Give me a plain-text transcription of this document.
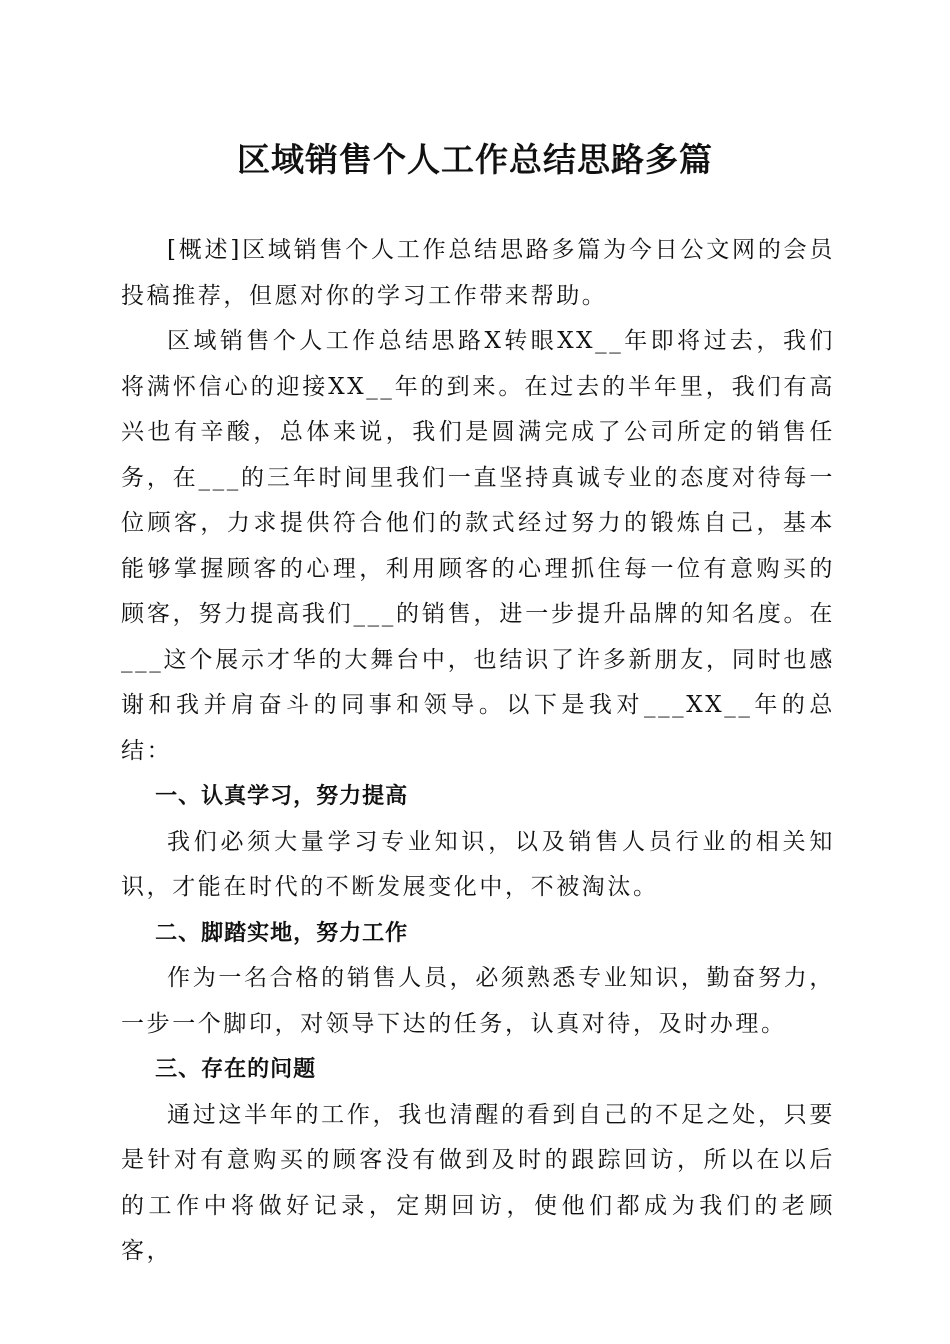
区域销售个人工作总结思路多篇

[概述]区域销售个人工作总结思路多篇为今日公文网的会员投稿推荐，但愿对你的学习工作带来帮助。

区域销售个人工作总结思路X转眼XX__年即将过去，我们将满怀信心的迎接XX__年的到来。在过去的半年里，我们有高兴也有辛酸，总体来说，我们是圆满完成了公司所定的销售任务，在___的三年时间里我们一直坚持真诚专业的态度对待每一位顾客，力求提供符合他们的款式经过努力的锻炼自己，基本能够掌握顾客的心理，利用顾客的心理抓住每一位有意购买的顾客，努力提高我们___的销售，进一步提升品牌的知名度。在___这个展示才华的大舞台中，也结识了许多新朋友，同时也感谢和我并肩奋斗的同事和领导。以下是我对___XX__年的总结：

一、认真学习，努力提高

我们必须大量学习专业知识，以及销售人员行业的相关知识，才能在时代的不断发展变化中，不被淘汰。

二、脚踏实地，努力工作

作为一名合格的销售人员，必须熟悉专业知识，勤奋努力，一步一个脚印，对领导下达的任务，认真对待，及时办理。

三、存在的问题

通过这半年的工作，我也清醒的看到自己的不足之处，只要是针对有意购买的顾客没有做到及时的跟踪回访，所以在以后的工作中将做好记录，定期回访，使他们都成为我们的老顾客，
